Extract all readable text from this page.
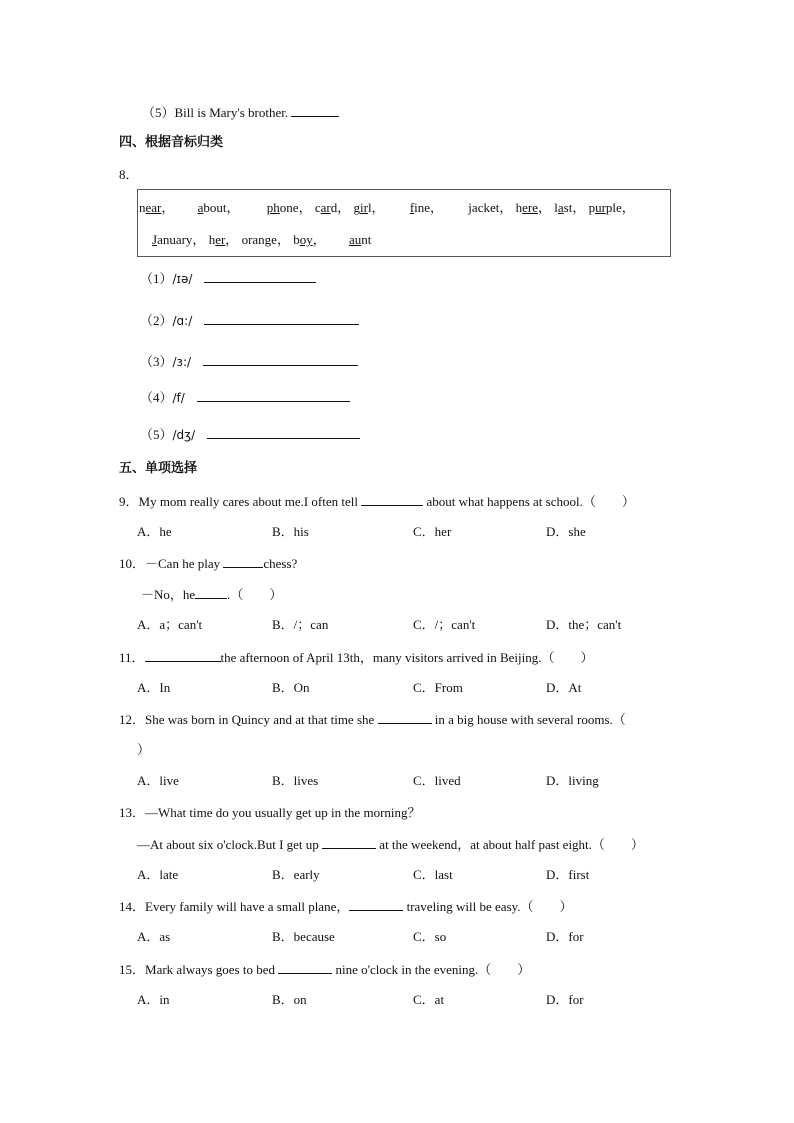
（5）Bill is Mary's brother.
四、根据音标归类
8．
near， about， phone， card， girl， fine， jacket， here， last， purple，
January， her， orange， boy， aunt
（1）/ɪə/
（2）/ɑ:/
（3）/ɜ:/
（4）/f/
（5）/dʒ/
五、单项选择
9．My mom really cares about me.I often tell	about what happens at school.（　　）
A．he	B．his	C．her	D．she
10．－Can he play	chess?
－No，he .（　　）
A．a；can't	B．/；can	C．/；can't	D．the；can't
11．	the afternoon of April 13th，many visitors arrived in Beijing.（　　）
A．In	B．On	C．From	D．At
12．She was born in Quincy and at that time she	in a big house with several rooms.（
）
A．live	B．lives	C．lived	D．living
13．—What time do you usually get up in the morning？
—At about six o'clock.But I get up	at the weekend，at about half past eight.（　　）
A．late	B．early	C．last	D．first
14．Every family will have a small plane，	traveling will be easy.（　　）
A．as	B．because	C．so	D．for
15．Mark always goes to bed	nine o'clock in the evening.（　　）
A．in	B．on	C．at	D．for
